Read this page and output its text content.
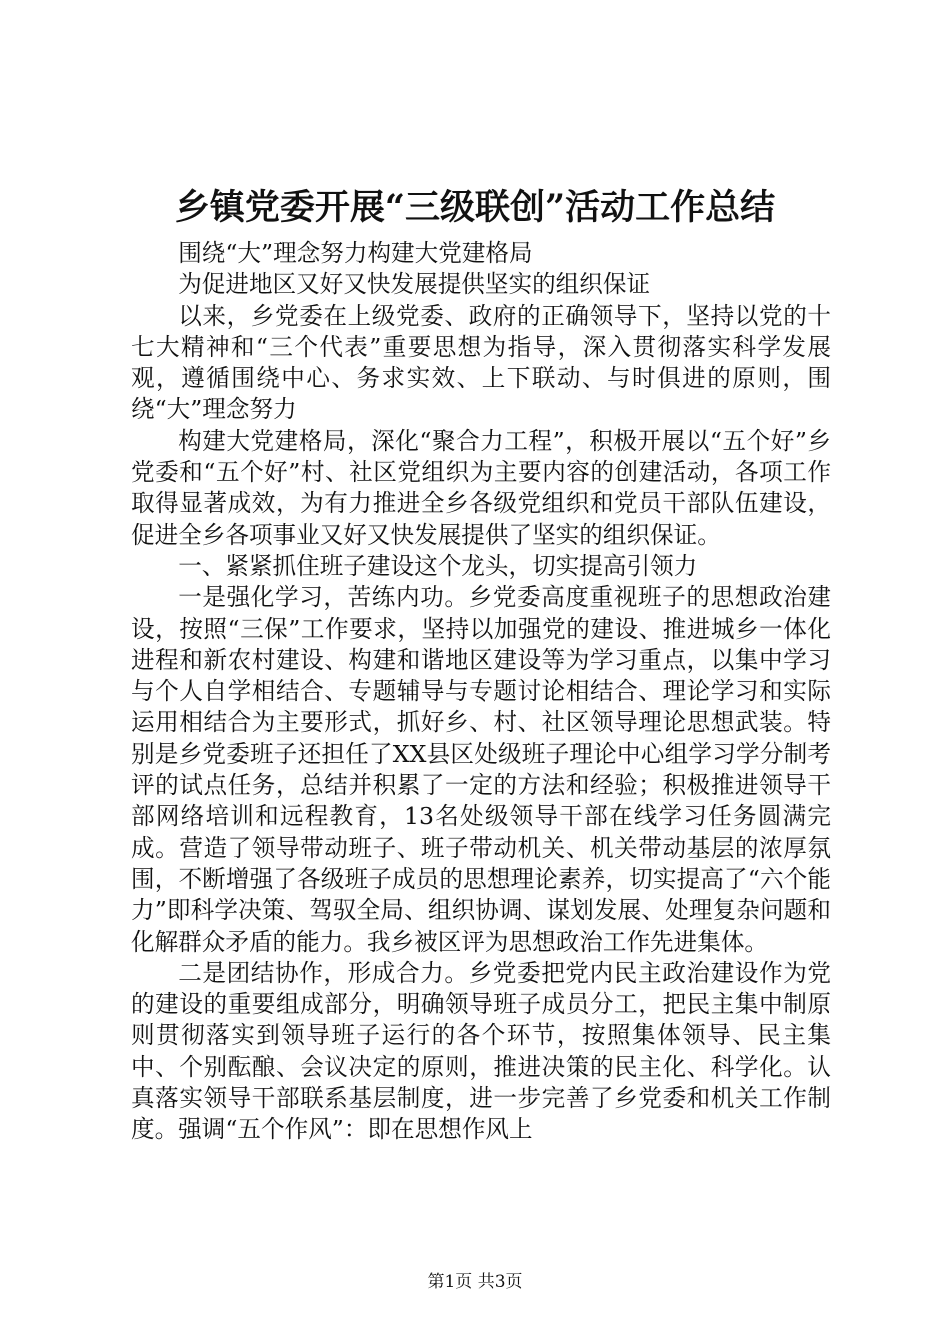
乡镇党委开展“三级联创”活动工作总结

围绕“大”理念努力构建大党建格局

为促进地区又好又快发展提供坚实的组织保证

以来，乡党委在上级党委、政府的正确领导下，坚持以党的十七大精神和“三个代表”重要思想为指导，深入贯彻落实科学发展观，遵循围绕中心、务求实效、上下联动、与时俱进的原则，围绕“大”理念努力

构建大党建格局，深化“聚合力工程”，积极开展以“五个好”乡党委和“五个好”村、社区党组织为主要内容的创建活动，各项工作取得显著成效，为有力推进全乡各级党组织和党员干部队伍建设，促进全乡各项事业又好又快发展提供了坚实的组织保证。

一、紧紧抓住班子建设这个龙头，切实提高引领力

一是强化学习，苦练内功。乡党委高度重视班子的思想政治建设，按照“三保”工作要求，坚持以加强党的建设、推进城乡一体化进程和新农村建设、构建和谐地区建设等为学习重点，以集中学习与个人自学相结合、专题辅导与专题讨论相结合、理论学习和实际运用相结合为主要形式，抓好乡、村、社区领导理论思想武装。特别是乡党委班子还担任了XX县区处级班子理论中心组学习学分制考评的试点任务，总结并积累了一定的方法和经验；积极推进领导干部网络培训和远程教育，13名处级领导干部在线学习任务圆满完成。营造了领导带动班子、班子带动机关、机关带动基层的浓厚氛围，不断增强了各级班子成员的思想理论素养，切实提高了“六个能力”即科学决策、驾驭全局、组织协调、谋划发展、处理复杂问题和化解群众矛盾的能力。我乡被区评为思想政治工作先进集体。

二是团结协作，形成合力。乡党委把党内民主政治建设作为党的建设的重要组成部分，明确领导班子成员分工，把民主集中制原则贯彻落实到领导班子运行的各个环节，按照集体领导、民主集中、个别酝酿、会议决定的原则，推进决策的民主化、科学化。认真落实领导干部联系基层制度，进一步完善了乡党委和机关工作制度。强调“五个作风”：即在思想作风上

第1页 共3页
